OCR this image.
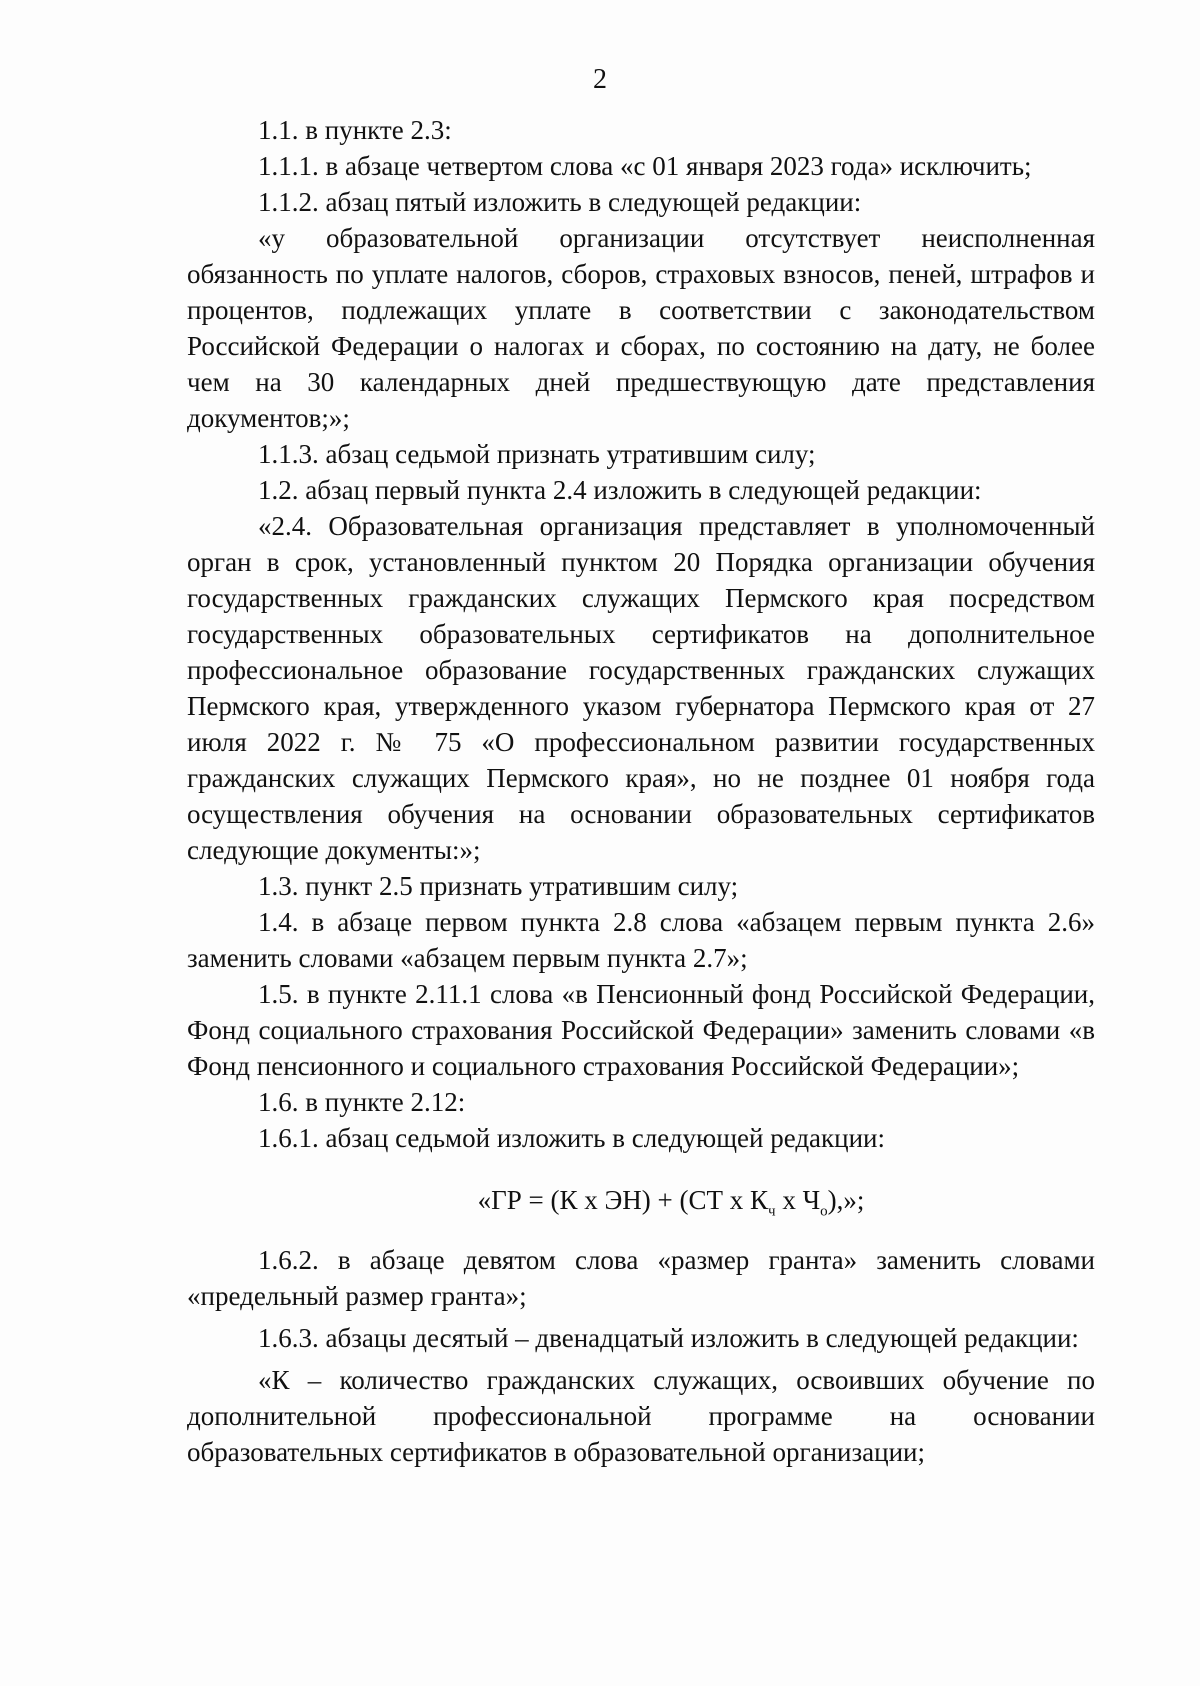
2

1.1. в пункте 2.3:

1.1.1. в абзаце четвертом слова «с 01 января 2023 года» исключить;

1.1.2. абзац пятый изложить в следующей редакции:

«у образовательной организации отсутствует неисполненная обязанность по уплате налогов, сборов, страховых взносов, пеней, штрафов и процентов, подлежащих уплате в соответствии с законодательством Российской Федерации о налогах и сборах, по состоянию на дату, не более чем на 30 календарных дней предшествующую дате представления документов;»;

1.1.3. абзац седьмой признать утратившим силу;

1.2. абзац первый пункта 2.4 изложить в следующей редакции:

«2.4. Образовательная организация представляет в уполномоченный орган в срок, установленный пунктом 20 Порядка организации обучения государственных гражданских служащих Пермского края посредством государственных образовательных сертификатов на дополнительное профессиональное образование государственных гражданских служащих Пермского края, утвержденного указом губернатора Пермского края от 27 июля 2022 г. № 75 «О профессиональном развитии государственных гражданских служащих Пермского края», но не позднее 01 ноября года осуществления обучения на основании образовательных сертификатов следующие документы:»;

1.3. пункт 2.5 признать утратившим силу;

1.4. в абзаце первом пункта 2.8 слова «абзацем первым пункта 2.6» заменить словами «абзацем первым пункта 2.7»;

1.5. в пункте 2.11.1 слова «в Пенсионный фонд Российской Федерации, Фонд социального страхования Российской Федерации» заменить словами «в Фонд пенсионного и социального страхования Российской Федерации»;

1.6. в пункте 2.12:

1.6.1. абзац седьмой изложить в следующей редакции:

«ГР = (К х ЭН) + (СТ х $К_ч$ х $Ч_о$),»;

1.6.2. в абзаце девятом слова «размер гранта» заменить словами «предельный размер гранта»;

1.6.3. абзацы десятый – двенадцатый изложить в следующей редакции:

«К – количество гражданских служащих, освоивших обучение по дополнительной профессиональной программе на основании образовательных сертификатов в образовательной организации;
